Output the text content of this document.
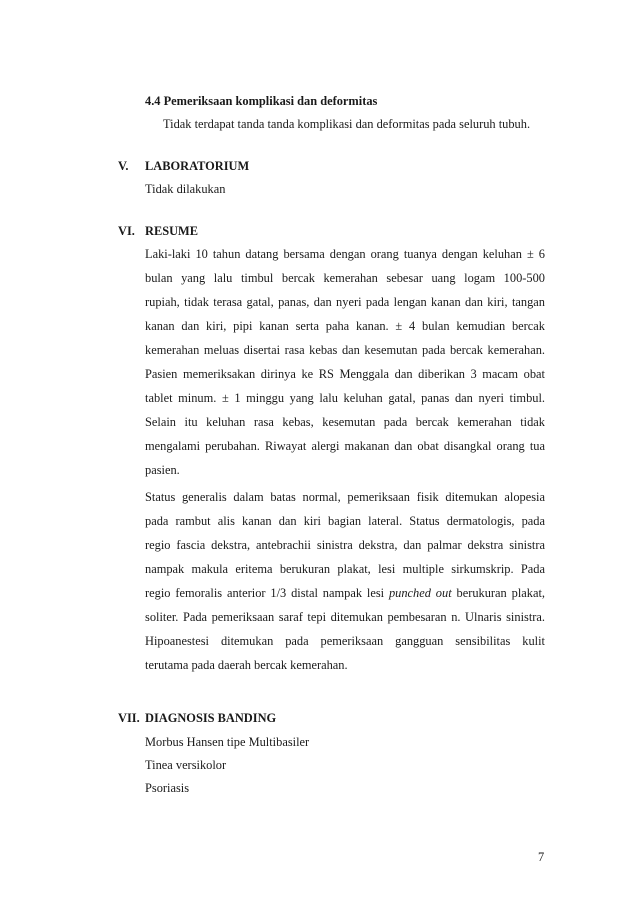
4.4 Pemeriksaan komplikasi dan deformitas
Tidak terdapat tanda tanda komplikasi dan deformitas pada seluruh tubuh.
V. LABORATORIUM
Tidak dilakukan
VI. RESUME
Laki-laki 10 tahun datang bersama dengan orang tuanya dengan keluhan ± 6
bulan yang lalu timbul bercak kemerahan sebesar uang logam 100-500
rupiah, tidak terasa gatal, panas, dan nyeri pada lengan kanan dan kiri, tangan
kanan dan kiri, pipi kanan serta paha kanan. ± 4 bulan kemudian bercak
kemerahan meluas disertai rasa kebas dan kesemutan pada bercak kemerahan.
Pasien memeriksakan dirinya ke RS Menggala dan diberikan 3 macam obat
tablet minum. ± 1 minggu yang lalu keluhan gatal, panas dan nyeri timbul.
Selain itu keluhan rasa kebas, kesemutan pada bercak kemerahan tidak
mengalami perubahan. Riwayat alergi makanan dan obat disangkal orang tua
pasien.
Status generalis dalam batas normal, pemeriksaan fisik ditemukan alopesia
pada rambut alis kanan dan kiri bagian lateral. Status dermatologis, pada
regio fascia dekstra, antebrachii sinistra dekstra, dan palmar dekstra sinistra
nampak makula eritema berukuran plakat, lesi multiple sirkumskrip. Pada
regio femoralis anterior 1/3 distal nampak lesi punched out berukuran plakat,
soliter. Pada pemeriksaan saraf tepi ditemukan pembesaran n. Ulnaris sinistra.
Hipoanestesi ditemukan pada pemeriksaan gangguan sensibilitas kulit
terutama pada daerah bercak kemerahan.
VII. DIAGNOSIS BANDING
Morbus Hansen tipe Multibasiler
Tinea versikolor
Psoriasis
7
